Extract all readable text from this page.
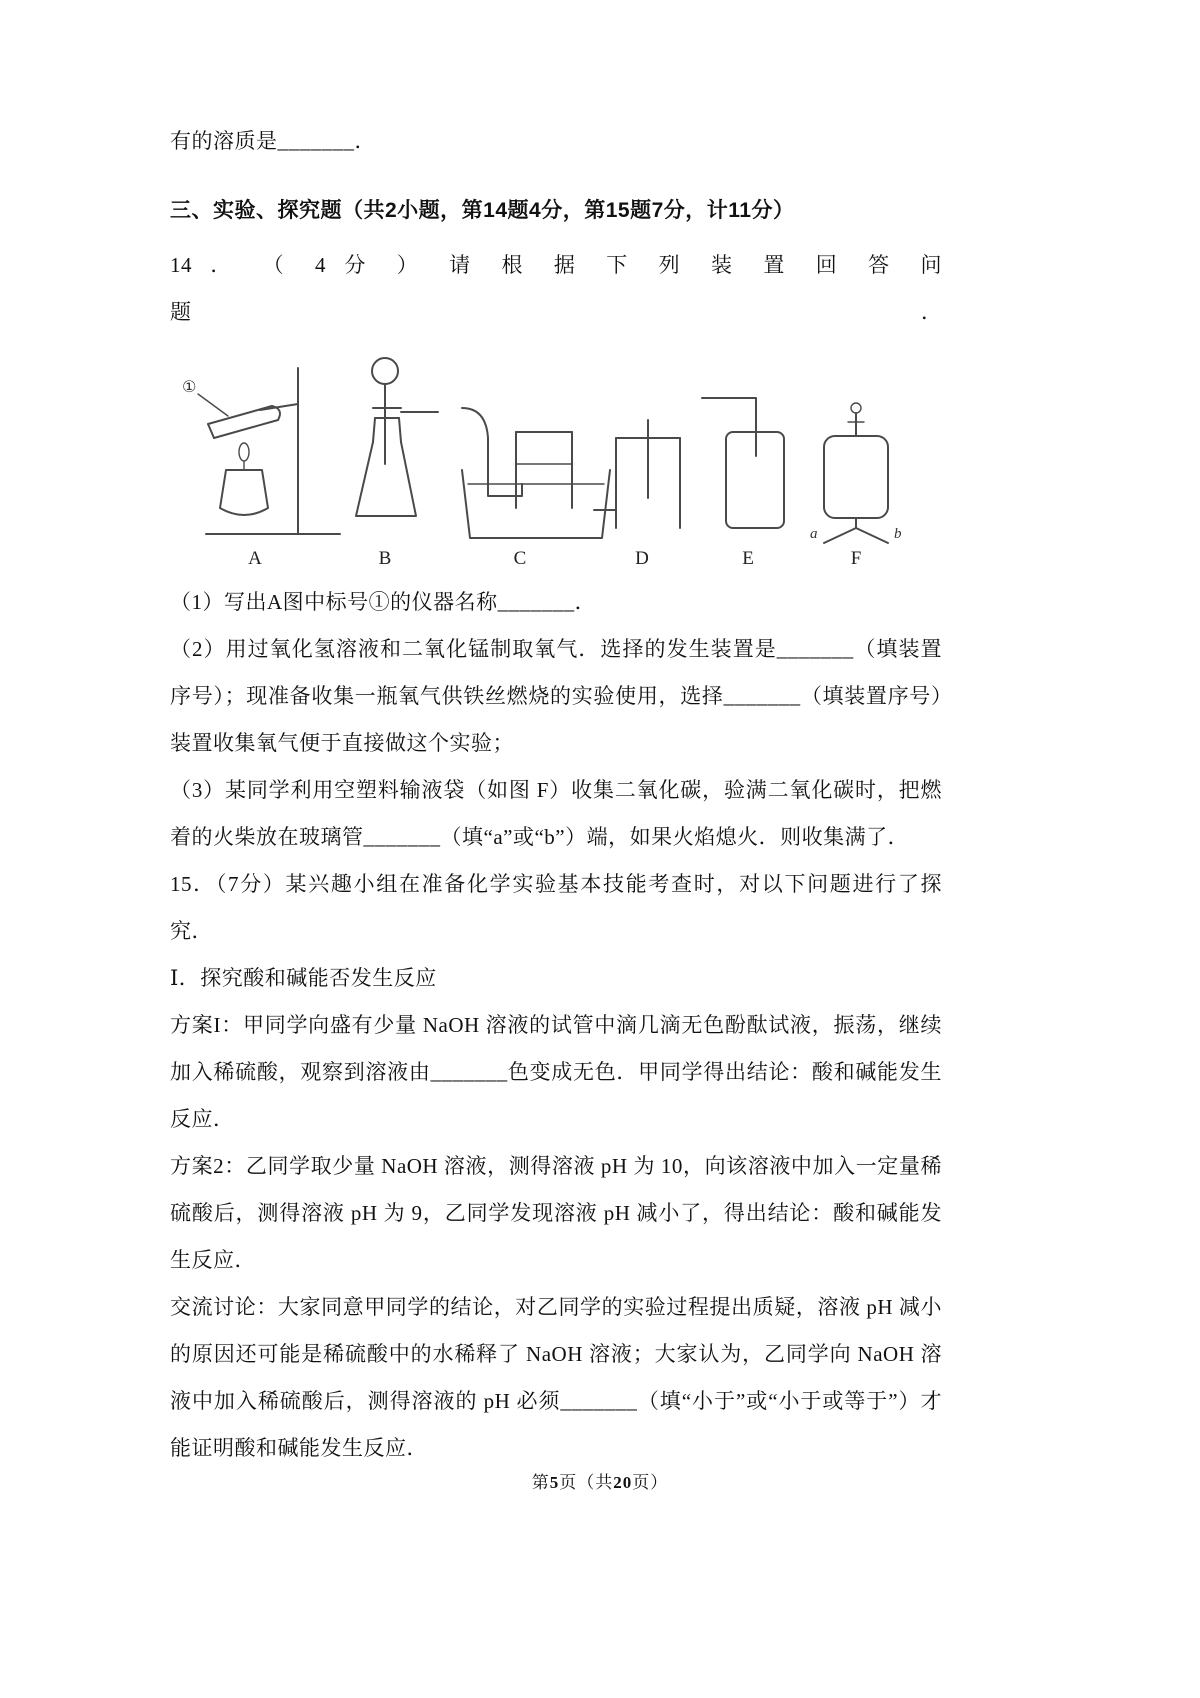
有的溶质是_______．

三、实验、探究题（共2小题，第14题4分，第15题7分，计11分）

14 ． （ 4 分 ） 请 根 据 下 列 装 置 回 答 问

题	．
①
a	b
A	B	C	D	E	F

（1）写出A图中标号①的仪器名称_______．

（2）用过氧化氢溶液和二氧化锰制取氧气．选择的发生装置是_______（填装置序号）；现准备收集一瓶氧气供铁丝燃烧的实验使用，选择_______（填装置序号）装置收集氧气便于直接做这个实验；

（3）某同学利用空塑料输液袋（如图 F）收集二氧化碳，验满二氧化碳时，把燃着的火柴放在玻璃管_______（填“a”或“b”）端，如果火焰熄火．则收集满了．

15．（7分）某兴趣小组在准备化学实验基本技能考查时，对以下问题进行了探究．

Ⅰ．探究酸和碱能否发生反应

方案I：甲同学向盛有少量 NaOH 溶液的试管中滴几滴无色酚酞试液，振荡，继续加入稀硫酸，观察到溶液由_______色变成无色．甲同学得出结论：酸和碱能发生反应．

方案2：乙同学取少量 NaOH 溶液，测得溶液 pH 为 10，向该溶液中加入一定量稀硫酸后，测得溶液 pH 为 9，乙同学发现溶液 pH 减小了，得出结论：酸和碱能发生反应．

交流讨论：大家同意甲同学的结论，对乙同学的实验过程提出质疑，溶液 pH 减小的原因还可能是稀硫酸中的水稀释了 NaOH 溶液；大家认为，乙同学向 NaOH 溶液中加入稀硫酸后，测得溶液的 pH 必须_______（填“小于”或“小于或等于”）才能证明酸和碱能发生反应．

第5页（共20页）
